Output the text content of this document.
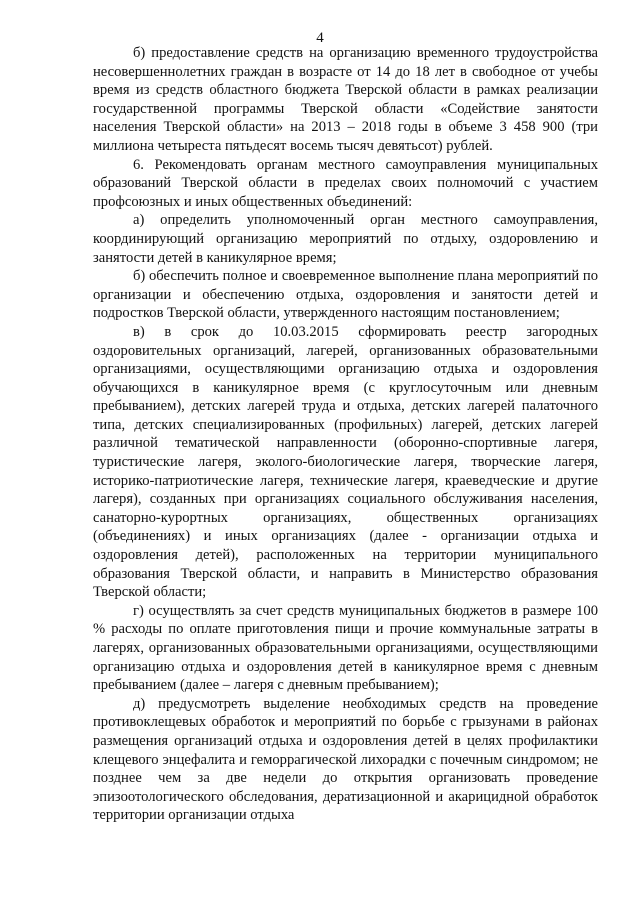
4

б) предоставление средств на организацию временного трудоустройства несовершеннолетних граждан в возрасте от 14 до 18 лет в свободное от учебы время из средств областного бюджета Тверской области в рамках реализации государственной программы Тверской области «Содействие занятости населения Тверской области» на 2013 – 2018 годы в объеме 3 458 900 (три миллиона четыреста пятьдесят восемь тысяч девятьсот) рублей.

6. Рекомендовать органам местного самоуправления муниципальных образований Тверской области в пределах своих полномочий с участием профсоюзных и иных общественных объединений:

а) определить уполномоченный орган местного самоуправления, координирующий организацию мероприятий по отдыху, оздоровлению и занятости детей в каникулярное время;

б) обеспечить полное и своевременное выполнение плана мероприятий по организации и обеспечению отдыха, оздоровления и занятости детей и подростков Тверской области, утвержденного настоящим постановлением;

в) в срок до 10.03.2015 сформировать реестр загородных оздоровительных организаций, лагерей, организованных образовательными организациями, осуществляющими организацию отдыха и оздоровления обучающихся в каникулярное время (с круглосуточным или дневным пребыванием), детских лагерей труда и отдыха, детских лагерей палаточного типа, детских специализированных (профильных) лагерей, детских лагерей различной тематической направленности (оборонно-спортивные лагеря, туристические лагеря, эколого-биологические лагеря, творческие лагеря, историко-патриотические лагеря, технические лагеря, краеведческие и другие лагеря), созданных при организациях социального обслуживания населения, санаторно-курортных организациях, общественных организациях (объединениях) и иных организациях (далее - организации отдыха и оздоровления детей), расположенных на территории муниципального образования Тверской области, и направить в Министерство образования Тверской области;

г) осуществлять за счет средств муниципальных бюджетов в размере 100 % расходы по оплате приготовления пищи и прочие коммунальные затраты в лагерях, организованных образовательными организациями, осуществляющими организацию отдыха и оздоровления детей в каникулярное время с дневным пребыванием (далее – лагеря с дневным пребыванием);

д) предусмотреть выделение необходимых средств на проведение противоклещевых обработок и мероприятий по борьбе с грызунами в районах размещения организаций отдыха и оздоровления детей в целях профилактики клещевого энцефалита и геморрагической лихорадки с почечным синдромом; не позднее чем за две недели до открытия организовать проведение эпизоотологического обследования, дератизационной и акарицидной обработок территории организации отдыха
